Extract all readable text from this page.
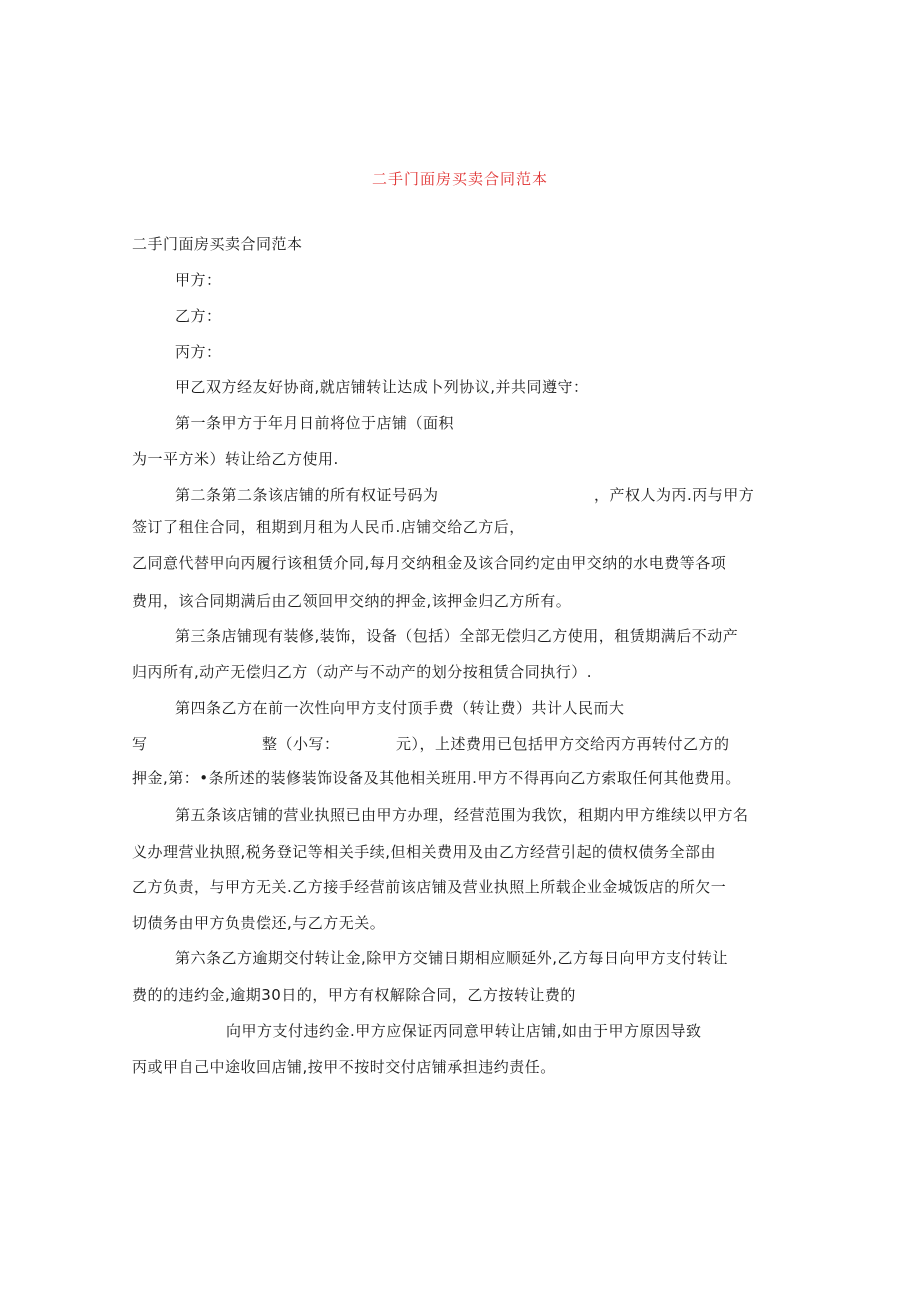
二手门面房买卖合同范本
二手门面房买卖合同范本
甲方：
乙方：
丙方：
甲乙双方经友好协商,就店铺转让达成卜列协议,并共同遵守：
第一条甲方于年月日前将位于店铺（面积
为一平方米）转让给乙方使用.
第二条第二条该店铺的所有权证号码为	，产权人为丙.丙与甲方
签订了租住合同，租期到月租为人民币.店铺交给乙方后，
乙同意代替甲向丙履行该租赁介同,每月交纳租金及该合同约定由甲交纳的水电费等各项
费用，该合同期满后由乙领回甲交纳的押金,该押金归乙方所有。
第三条店铺现有装修,装饰，设备（包括）全部无偿归乙方使用，租赁期满后不动产
归丙所有,动产无偿归乙方（动产与不动产的划分按租赁合同执行）.
第四条乙方在前一次性向甲方支付顶手费（转让费）共计人民而大
写	整（小写：	元），上述费用已包括甲方交给丙方再转付乙方的
押金,第：•条所述的装修装饰设备及其他相关班用.甲方不得再向乙方索取任何其他费用。
第五条该店铺的营业执照已由甲方办理，经营范围为我饮，租期内甲方维续以甲方名
义办理营业执照,税务登记等相关手续,但相关费用及由乙方经营引起的债权债务全部由
乙方负责，与甲方无关.乙方接手经营前该店铺及营业执照上所载企业金城饭店的所欠一
切债务由甲方负贵偿还,与乙方无关。
第六条乙方逾期交付转让金,除甲方交铺日期相应顺延外,乙方每日向甲方支付转让
费的的违约金,逾期30日的，甲方有权解除合同，乙方按转让费的
向甲方支付违约金.甲方应保证丙同意甲转让店铺,如由于甲方原因导致
丙或甲自己中途收回店铺,按甲不按时交付店铺承担违约责任。
